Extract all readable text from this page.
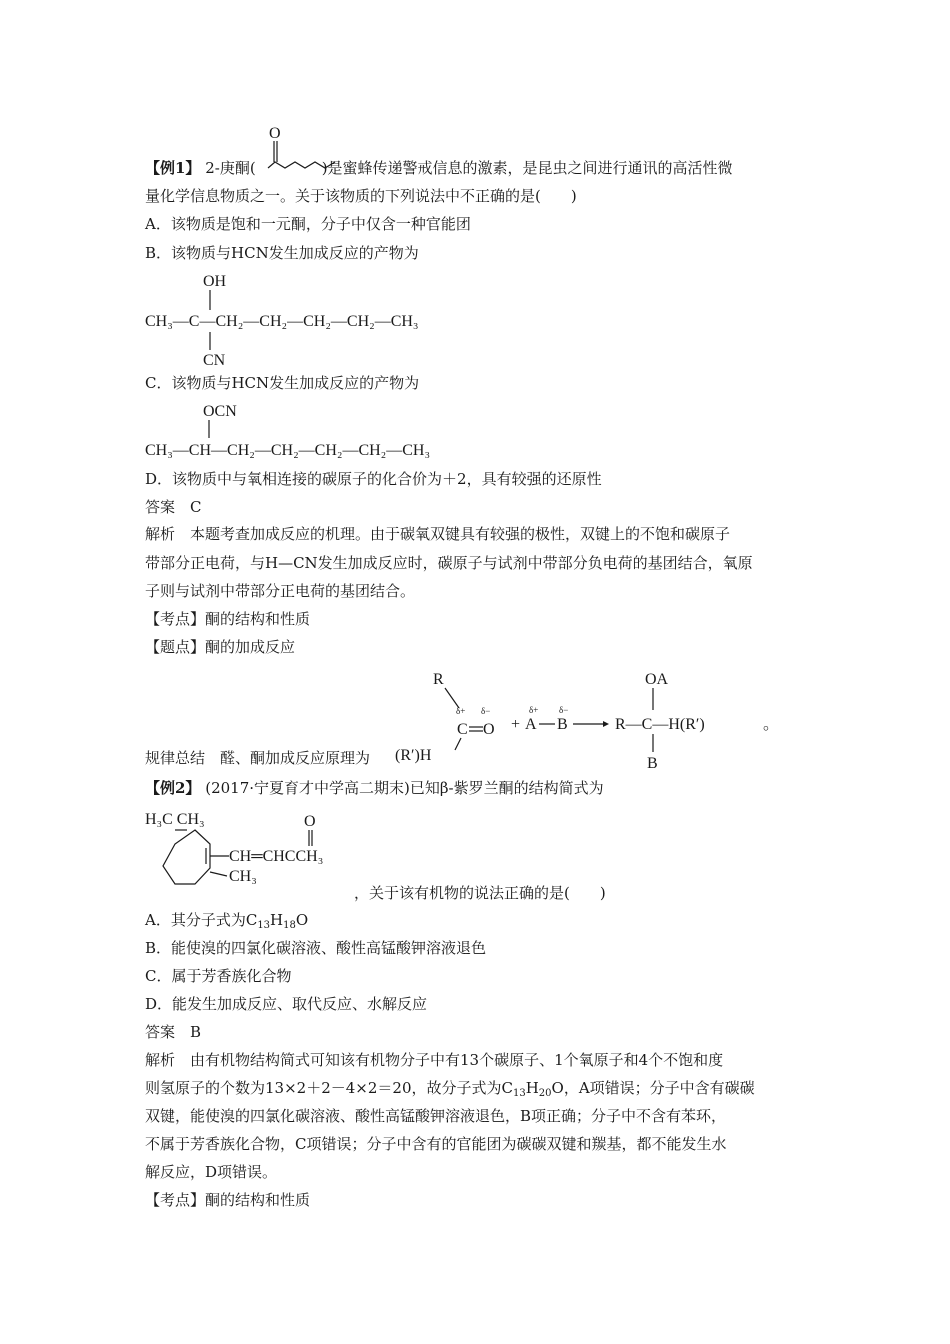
【例1】 2-庚酮(	)是蜜蜂传递警戒信息的激素，是昆虫之间进行通讯的高活性微
O
量化学信息物质之一。关于该物质的下列说法中不正确的是(　　)
A．该物质是饱和一元酮，分子中仅含一种官能团
B．该物质与HCN发生加成反应的产物为
OH
CH₃—C—CH₂—CH₂—CH₂—CH₂—CH₃
CN
C．该物质与HCN发生加成反应的产物为
OCN
CH₃—CH—CH₂—CH₂—CH₂—CH₂—CH₃
D．该物质中与氧相连接的碳原子的化合价为＋2，具有较强的还原性
答案　C
解析　本题考查加成反应的机理。由于碳氧双键具有较强的极性，双键上的不饱和碳原子
带部分正电荷，与H—CN发生加成反应时，碳原子与试剂中带部分负电荷的基团结合，氧原
子则与试剂中带部分正电荷的基团结合。
【考点】酮的结构和性质
【题点】酮的加成反应
规律总结　醛、酮加成反应原理为
R
δ+ δ−
C O
(R′)H
+
δ+
A
δ−
B
OA
R—C—H(R′)
B
。
【例2】 (2017·宁夏育才中学高二期末)已知β-紫罗兰酮的结构简式为
H₃C CH₃	O
CH═CHCCH₃
CH₃
，关于该有机物的说法正确的是(　　)
A．其分子式为$C_{13}H_{18}O$
B．能使溴的四氯化碳溶液、酸性高锰酸钾溶液退色
C．属于芳香族化合物
D．能发生加成反应、取代反应、水解反应
答案　B
解析　由有机物结构简式可知该有机物分子中有13个碳原子、1个氧原子和4个不饱和度
则氢原子的个数为13×2＋2－4×2＝20，故分子式为$C_{13}H_{20}O$，A项错误；分子中含有碳碳
双键，能使溴的四氯化碳溶液、酸性高锰酸钾溶液退色，B项正确；分子中不含有苯环，
不属于芳香族化合物，C项错误；分子中含有的官能团为碳碳双键和羰基，都不能发生水
解反应，D项错误。
【考点】酮的结构和性质
